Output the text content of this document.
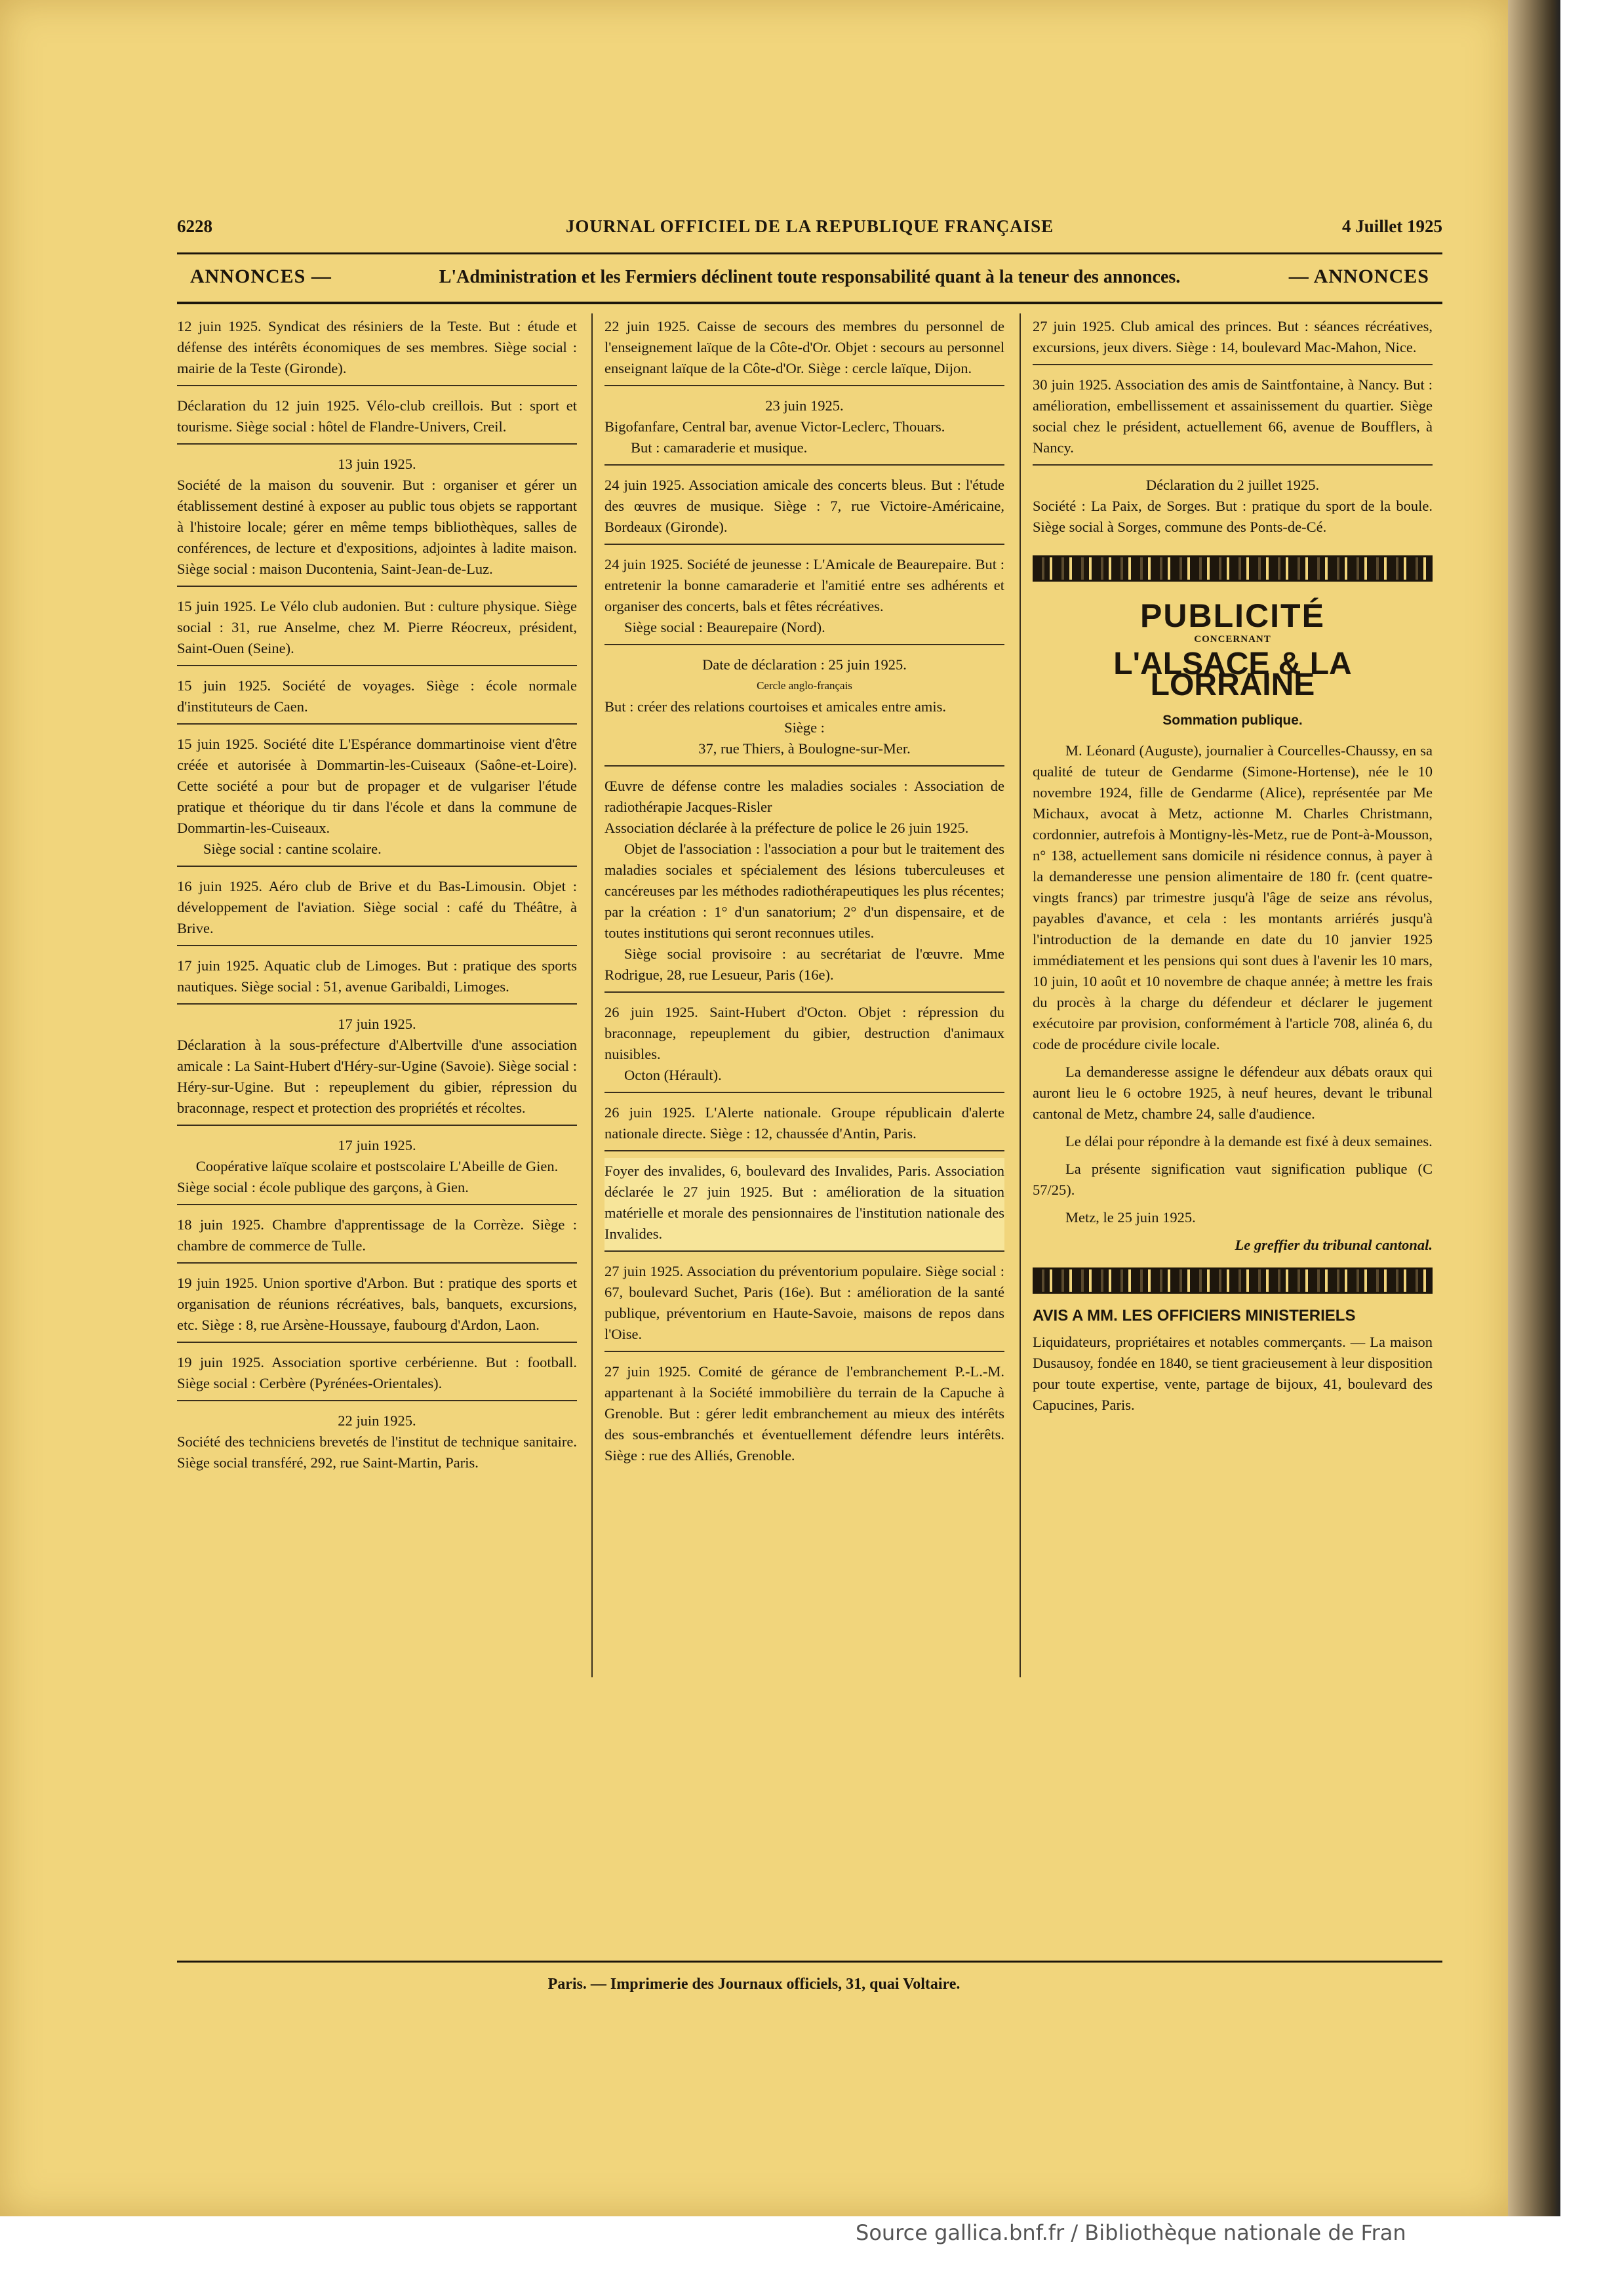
6228	JOURNAL OFFICIEL DE LA REPUBLIQUE FRANÇAISE	4 Juillet 1925
ANNONCES —	L'Administration et les Fermiers déclinent toute responsabilité quant à la teneur des annonces.	— ANNONCES
12 juin 1925. Syndicat des résiniers de la Teste. But : étude et défense des intérêts économiques de ses membres. Siège social : mairie de la Teste (Gironde).
Déclaration du 12 juin 1925. Vélo-club creillois. But : sport et tourisme. Siège social : hôtel de Flandre-Univers, Creil.
13 juin 1925.
Société de la maison du souvenir. But : organiser et gérer un établissement destiné à exposer au public tous objets se rapportant à l'histoire locale; gérer en même temps bibliothèques, salles de conférences, de lecture et d'expositions, adjointes à ladite maison. Siège social : maison Ducontenia, Saint-Jean-de-Luz.
15 juin 1925. Le Vélo club audonien. But : culture physique. Siège social : 31, rue Anselme, chez M. Pierre Réocreux, président, Saint-Ouen (Seine).
15 juin 1925. Société de voyages. Siège : école normale d'instituteurs de Caen.
15 juin 1925. Société dite L'Espérance dommartinoise vient d'être créée et autorisée à Dommartin-les-Cuiseaux (Saône-et-Loire). Cette société a pour but de propager et de vulgariser l'étude pratique et théorique du tir dans l'école et dans la commune de Dommartin-les-Cuiseaux.
Siège social : cantine scolaire.
16 juin 1925. Aéro club de Brive et du Bas-Limousin. Objet : développement de l'aviation. Siège social : café du Théâtre, à Brive.
17 juin 1925. Aquatic club de Limoges. But : pratique des sports nautiques. Siège social : 51, avenue Garibaldi, Limoges.
17 juin 1925.
Déclaration à la sous-préfecture d'Albertville d'une association amicale : La Saint-Hubert d'Héry-sur-Ugine (Savoie). Siège social : Héry-sur-Ugine. But : repeuplement du gibier, répression du braconnage, respect et protection des propriétés et récoltes.
17 juin 1925.
Coopérative laïque scolaire et postscolaire L'Abeille de Gien.
Siège social : école publique des garçons, à Gien.
18 juin 1925. Chambre d'apprentissage de la Corrèze. Siège : chambre de commerce de Tulle.
19 juin 1925. Union sportive d'Arbon. But : pratique des sports et organisation de réunions récréatives, bals, banquets, excursions, etc. Siège : 8, rue Arsène-Houssaye, faubourg d'Ardon, Laon.
19 juin 1925. Association sportive cerbérienne. But : football. Siège social : Cerbère (Pyrénées-Orientales).
22 juin 1925.
Société des techniciens brevetés de l'institut de technique sanitaire. Siège social transféré, 292, rue Saint-Martin, Paris.
22 juin 1925. Caisse de secours des membres du personnel de l'enseignement laïque de la Côte-d'Or. Objet : secours au personnel enseignant laïque de la Côte-d'Or. Siège : cercle laïque, Dijon.
23 juin 1925.
Bigofanfare, Central bar, avenue Victor-Leclerc, Thouars.
But : camaraderie et musique.
24 juin 1925. Association amicale des concerts bleus. But : l'étude des œuvres de musique. Siège : 7, rue Victoire-Américaine, Bordeaux (Gironde).
24 juin 1925. Société de jeunesse : L'Amicale de Beaurepaire. But : entretenir la bonne camaraderie et l'amitié entre ses adhérents et organiser des concerts, bals et fêtes récréatives.
Siège social : Beaurepaire (Nord).
Date de déclaration : 25 juin 1925.
Cercle anglo-français
But : créer des relations courtoises et amicales entre amis.
Siège :
37, rue Thiers, à Boulogne-sur-Mer.
Œuvre de défense contre les maladies sociales : Association de radiothérapie Jacques-Risler
Association déclarée à la préfecture de police le 26 juin 1925.
Objet de l'association : l'association a pour but le traitement des maladies sociales et spécialement des lésions tuberculeuses et cancéreuses par les méthodes radiothérapeutiques les plus récentes; par la création : 1° d'un sanatorium; 2° d'un dispensaire, et de toutes institutions qui seront reconnues utiles.
Siège social provisoire : au secrétariat de l'œuvre. Mme Rodrigue, 28, rue Lesueur, Paris (16e).
26 juin 1925. Saint-Hubert d'Octon. Objet : répression du braconnage, repeuplement du gibier, destruction d'animaux nuisibles.
Octon (Hérault).
26 juin 1925. L'Alerte nationale. Groupe républicain d'alerte nationale directe. Siège : 12, chaussée d'Antin, Paris.
Foyer des invalides, 6, boulevard des Invalides, Paris. Association déclarée le 27 juin 1925. But : amélioration de la situation matérielle et morale des pensionnaires de l'institution nationale des Invalides.
27 juin 1925. Association du préventorium populaire. Siège social : 67, boulevard Suchet, Paris (16e). But : amélioration de la santé publique, préventorium en Haute-Savoie, maisons de repos dans l'Oise.
27 juin 1925. Comité de gérance de l'embranchement P.-L.-M. appartenant à la Société immobilière du terrain de la Capuche à Grenoble. But : gérer ledit embranchement au mieux des intérêts des sous-embranchés et éventuellement défendre leurs intérêts. Siège : rue des Alliés, Grenoble.
27 juin 1925. Club amical des princes. But : séances récréatives, excursions, jeux divers. Siège : 14, boulevard Mac-Mahon, Nice.
30 juin 1925. Association des amis de Saintfontaine, à Nancy. But : amélioration, embellissement et assainissement du quartier. Siège social chez le président, actuellement 66, avenue de Boufflers, à Nancy.
Déclaration du 2 juillet 1925.
Société : La Paix, de Sorges. But : pratique du sport de la boule. Siège social à Sorges, commune des Ponts-de-Cé.
PUBLICITÉ
CONCERNANT
L'ALSACE & LA LORRAINE
Sommation publique.

M. Léonard (Auguste), journalier à Courcelles-Chaussy, en sa qualité de tuteur de Gendarme (Simone-Hortense), née le 10 novembre 1924, fille de Gendarme (Alice), représentée par Me Michaux, avocat à Metz, actionne M. Charles Christmann, cordonnier, autrefois à Montigny-lès-Metz, rue de Pont-à-Mousson, n° 138, actuellement sans domicile ni résidence connus, à payer à la demanderesse une pension alimentaire de 180 fr. (cent quatre-vingts francs) par trimestre jusqu'à l'âge de seize ans révolus, payables d'avance, et cela : les montants arriérés jusqu'à l'introduction de la demande en date du 10 janvier 1925 immédiatement et les pensions qui sont dues à l'avenir les 10 mars, 10 juin, 10 août et 10 novembre de chaque année; à mettre les frais du procès à la charge du défendeur et déclarer le jugement exécutoire par provision, conformément à l'article 708, alinéa 6, du code de procédure civile locale.

La demanderesse assigne le défendeur aux débats oraux qui auront lieu le 6 octobre 1925, à neuf heures, devant le tribunal cantonal de Metz, chambre 24, salle d'audience.

Le délai pour répondre à la demande est fixé à deux semaines.

La présente signification vaut signification publique (C 57/25).

Metz, le 25 juin 1925.

Le greffier du tribunal cantonal.
AVIS A MM. LES OFFICIERS MINISTERIELS
Liquidateurs, propriétaires et notables commerçants. — La maison Dusausoy, fondée en 1840, se tient gracieusement à leur disposition pour toute expertise, vente, partage de bijoux, 41, boulevard des Capucines, Paris.
Paris. — Imprimerie des Journaux officiels, 31, quai Voltaire.
Source gallica.bnf.fr / Bibliothèque nationale de Fran
